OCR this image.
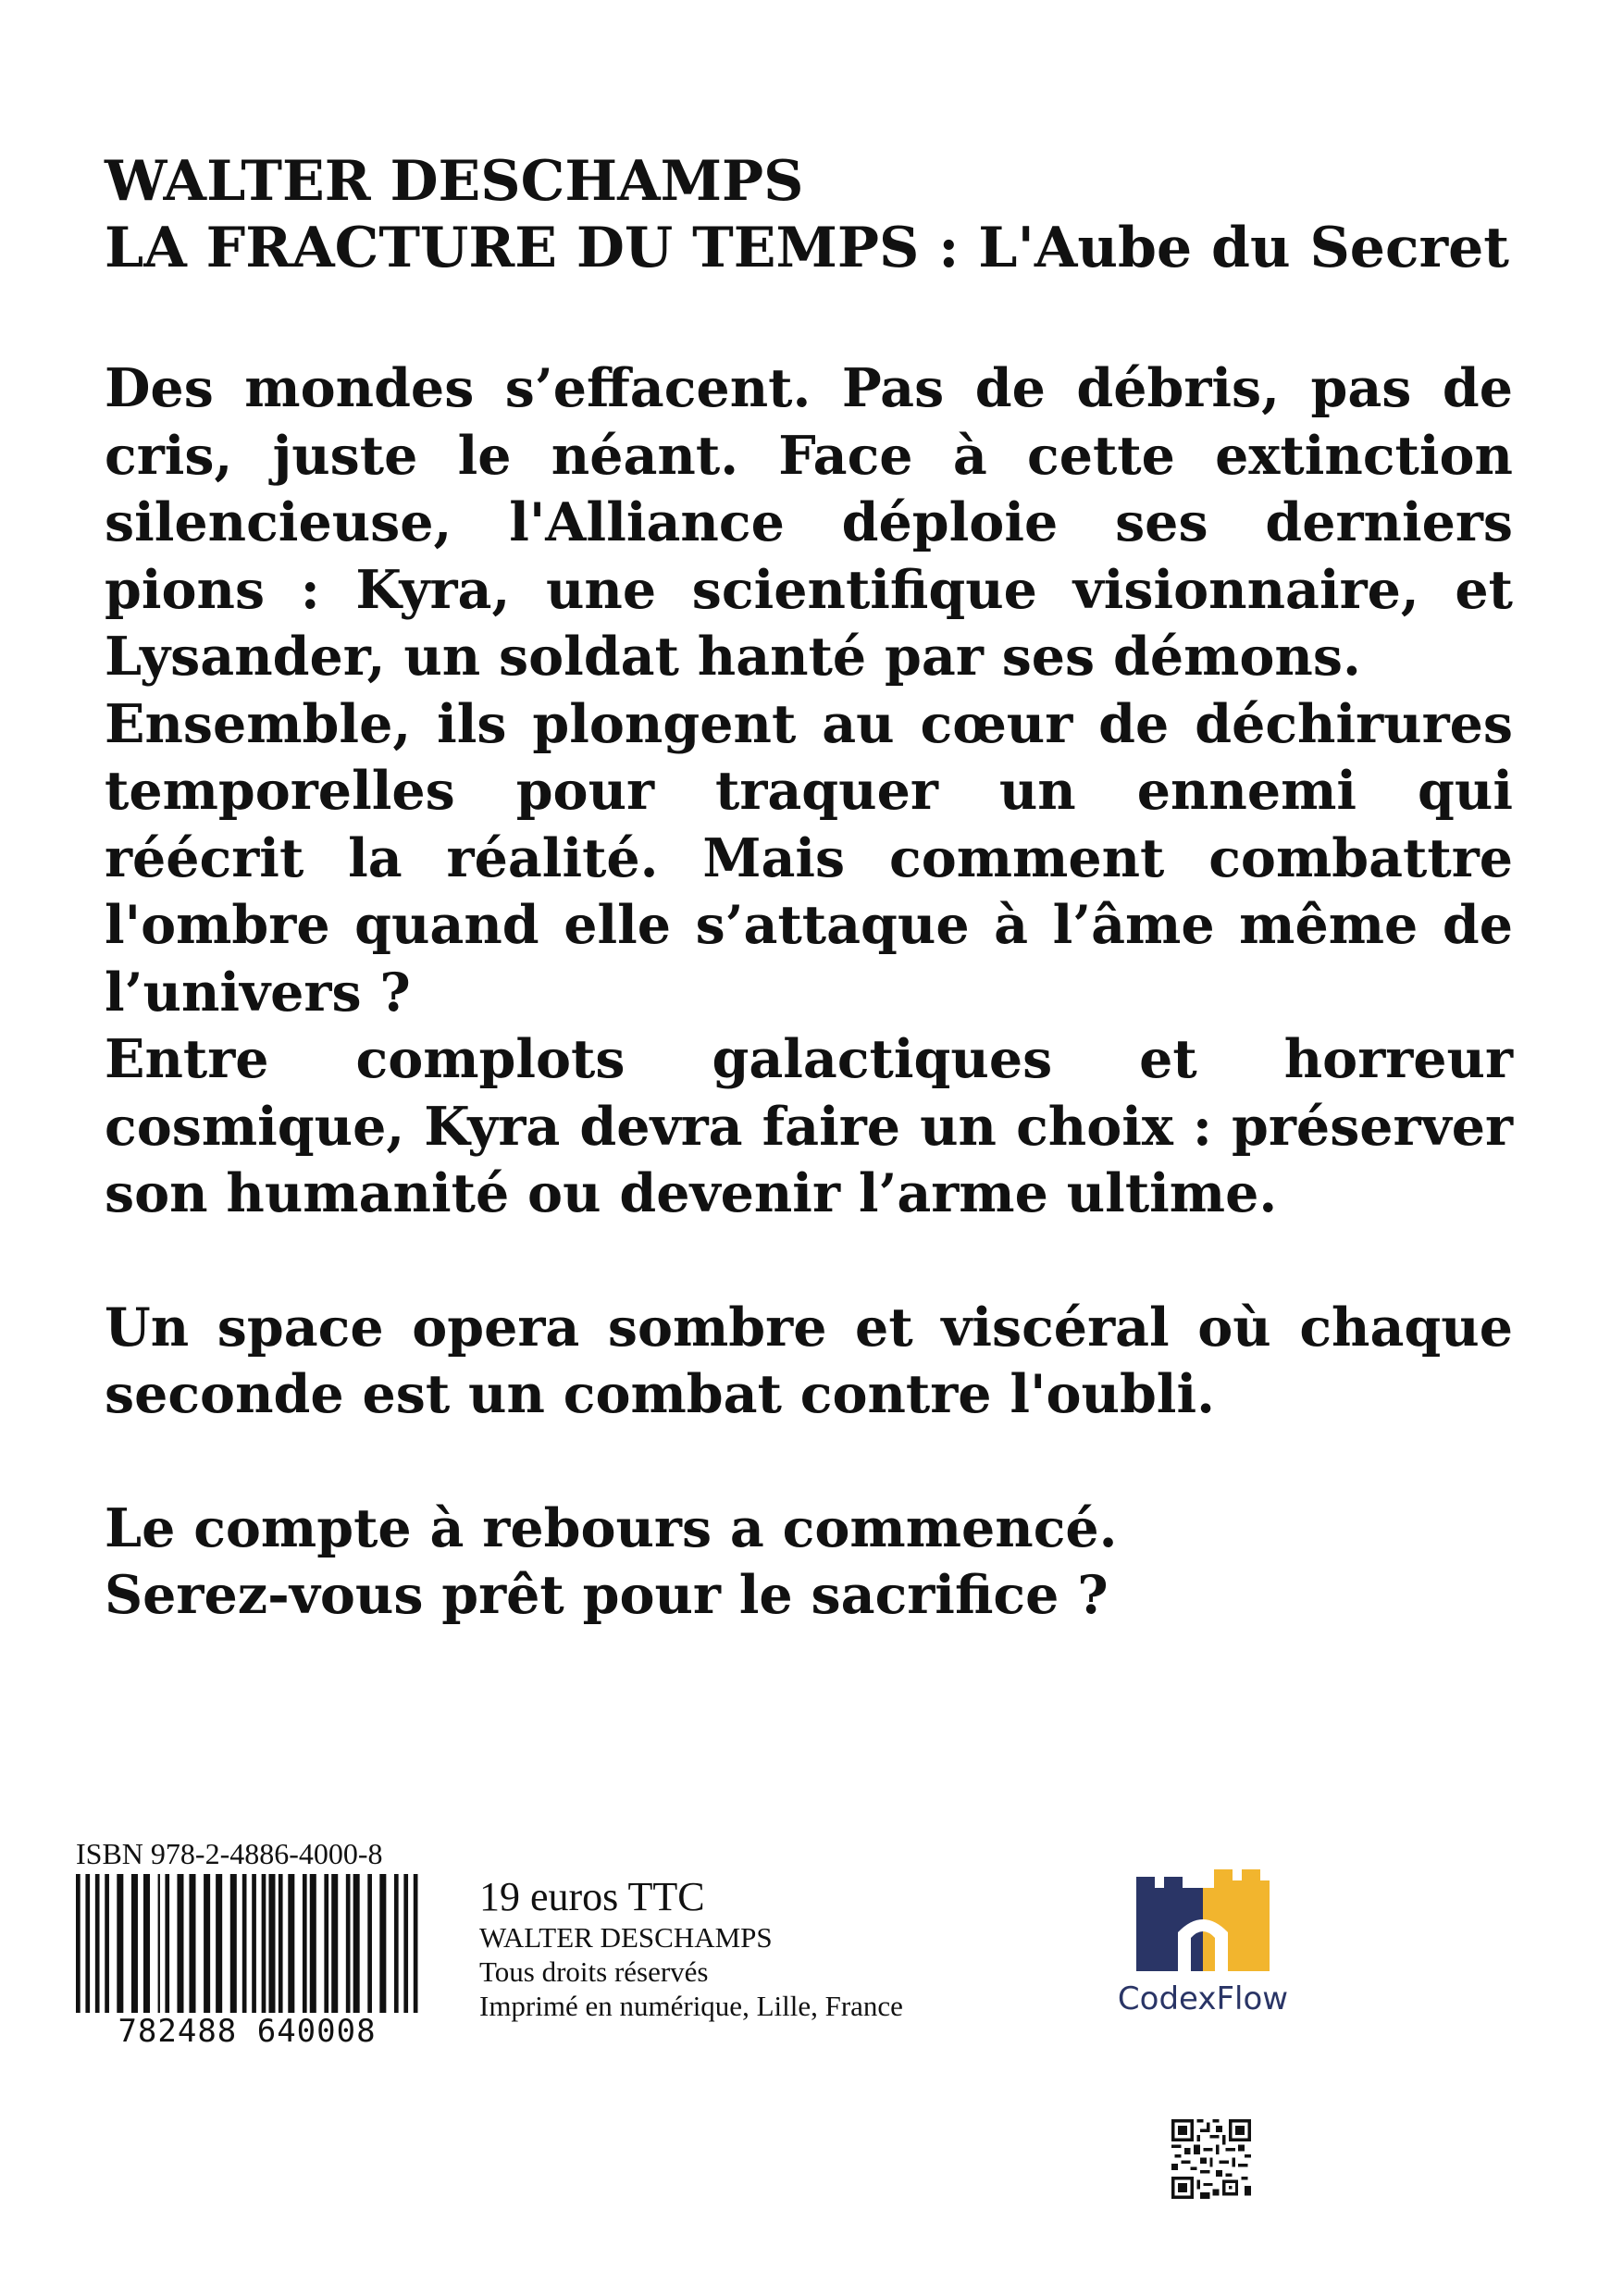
WALTER DESCHAMPS
LA FRACTURE DU TEMPS : L'Aube du Secret

Des mondes s’effacent. Pas de débris, pas de cris, juste le néant. Face à cette extinction silencieuse, l'Alliance déploie ses derniers pions : Kyra, une scientifique visionnaire, et Lysander, un soldat hanté par ses démons.

Ensemble, ils plongent au cœur de déchirures temporelles pour traquer un ennemi qui réécrit la réalité. Mais comment combattre l'ombre quand elle s’attaque à l’âme même de l’univers ?

Entre complots galactiques et horreur cosmique, Kyra devra faire un choix : préserver son humanité ou devenir l’arme ultime.

Un space opera sombre et viscéral où chaque seconde est un combat contre l'oubli.

Le compte à rebours a commencé.

Serez-vous prêt pour le sacrifice ?

ISBN 978-2-4886-4000-8
782488 640008
19 euros TTC
WALTER DESCHAMPS
Tous droits réservés
Imprimé en numérique, Lille, France	CodexFlow
